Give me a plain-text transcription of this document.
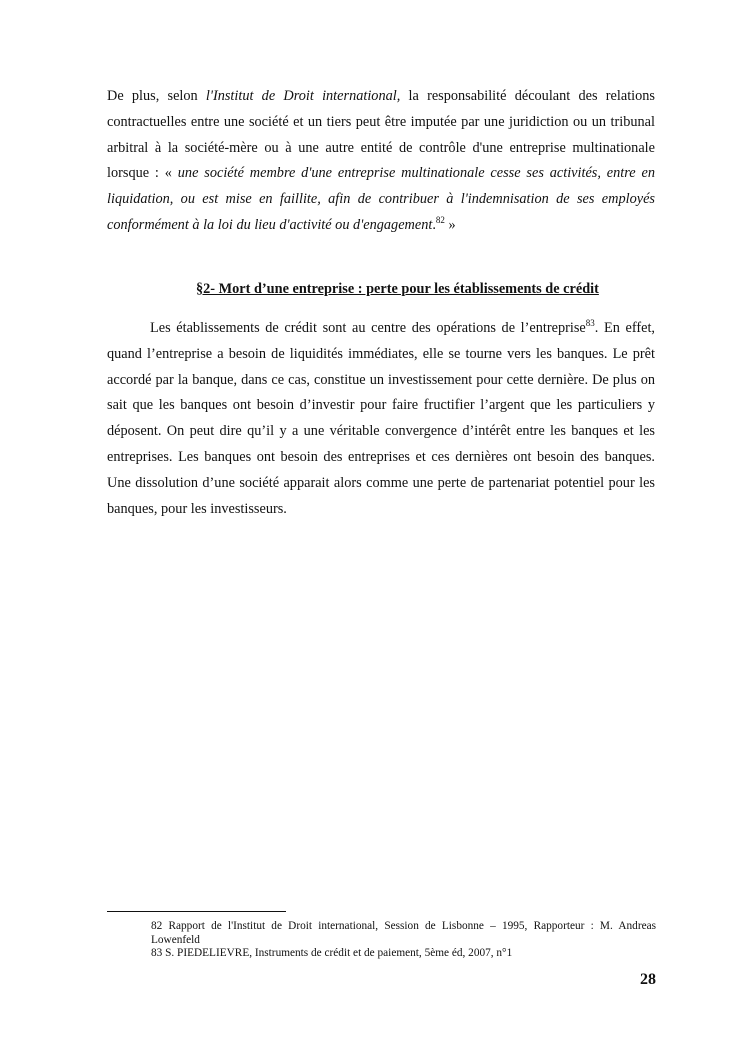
De plus, selon l'Institut de Droit international, la responsabilité découlant des relations contractuelles entre une société et un tiers peut être imputée par une juridiction ou un tribunal arbitral à la société-mère ou à une autre entité de contrôle d'une entreprise multinationale lorsque : « une société membre d'une entreprise multinationale cesse ses activités, entre en liquidation, ou est mise en faillite, afin de contribuer à l'indemnisation de ses employés conformément à la loi du lieu d'activité ou d'engagement.$^{82}$ »

§2- Mort d’une entreprise : perte pour les établissements de crédit

Les établissements de crédit sont au centre des opérations de l’entreprise$^{83}$. En effet, quand l’entreprise a besoin de liquidités immédiates, elle se tourne vers les banques. Le prêt accordé par la banque, dans ce cas, constitue un investissement pour cette dernière. De plus on sait que les banques ont besoin d’investir pour faire fructifier l’argent que les particuliers y déposent. On peut dire qu’il y a une véritable convergence d’intérêt entre les banques et les entreprises. Les banques ont besoin des entreprises et ces dernières ont besoin des banques. Une dissolution d’une société apparait alors comme une perte de partenariat potentiel pour les banques, pour les investisseurs.

82 Rapport de l'Institut de Droit international, Session de Lisbonne – 1995, Rapporteur : M. Andreas Lowenfeld

83 S. PIEDELIEVRE, Instruments de crédit et de paiement, 5ème éd, 2007, n°1

28
